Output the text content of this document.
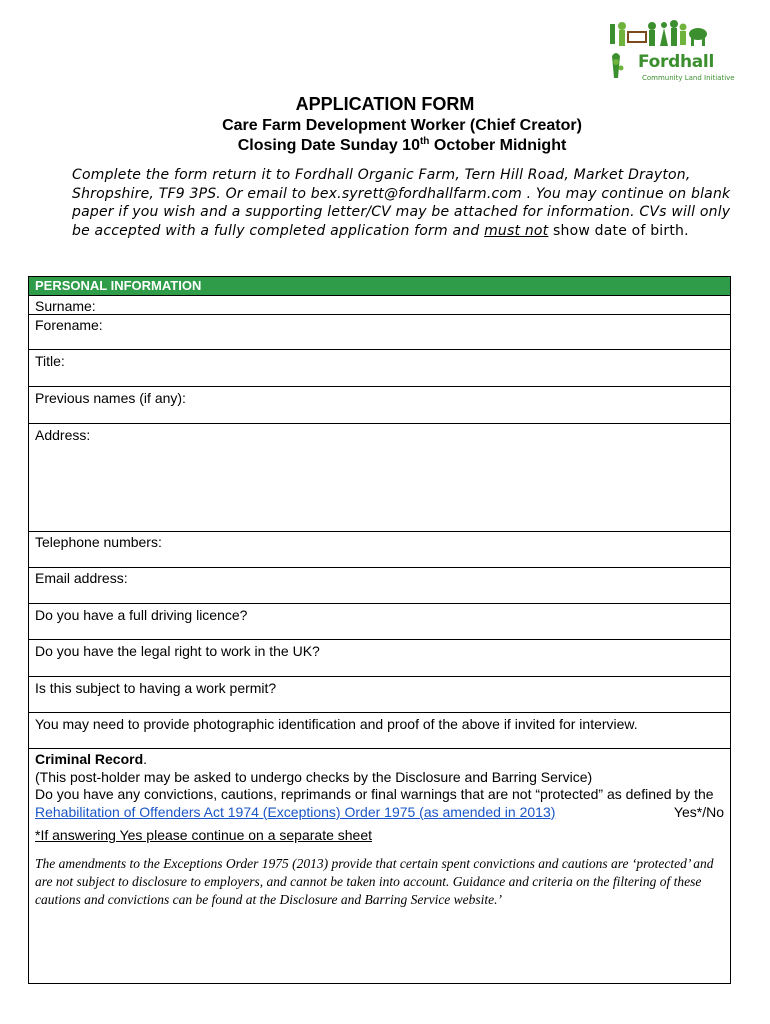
Fordhall
Community Land Initiative
APPLICATION FORM
Care Farm Development Worker (Chief Creator)
Closing Date Sunday 10th October Midnight
Complete the form return it to Fordhall Organic Farm, Tern Hill Road, Market Drayton, Shropshire, TF9 3PS. Or email to bex.syrett@fordhallfarm.com . You may continue on blank paper if you wish and a supporting letter/CV may be attached for information. CVs will only be accepted with a fully completed application form and must not show date of birth.
PERSONAL INFORMATION
Surname:
Forename:
Title:
Previous names (if any):
Address:
Telephone numbers:
Email address:
Do you have a full driving licence?
Do you have the legal right to work in the UK?
Is this subject to having a work permit?
You may need to provide photographic identification and proof of the above if invited for interview.
Criminal Record.
(This post-holder may be asked to undergo checks by the Disclosure and Barring Service)
Do you have any convictions, cautions, reprimands or final warnings that are not “protected” as defined by the Rehabilitation of Offenders Act 1974 (Exceptions) Order 1975 (as amended in 2013)	Yes*/No
*If answering Yes please continue on a separate sheet
The amendments to the Exceptions Order 1975 (2013) provide that certain spent convictions and cautions are ‘protected’ and are not subject to disclosure to employers, and cannot be taken into account. Guidance and criteria on the filtering of these cautions and convictions can be found at the Disclosure and Barring Service website.’
